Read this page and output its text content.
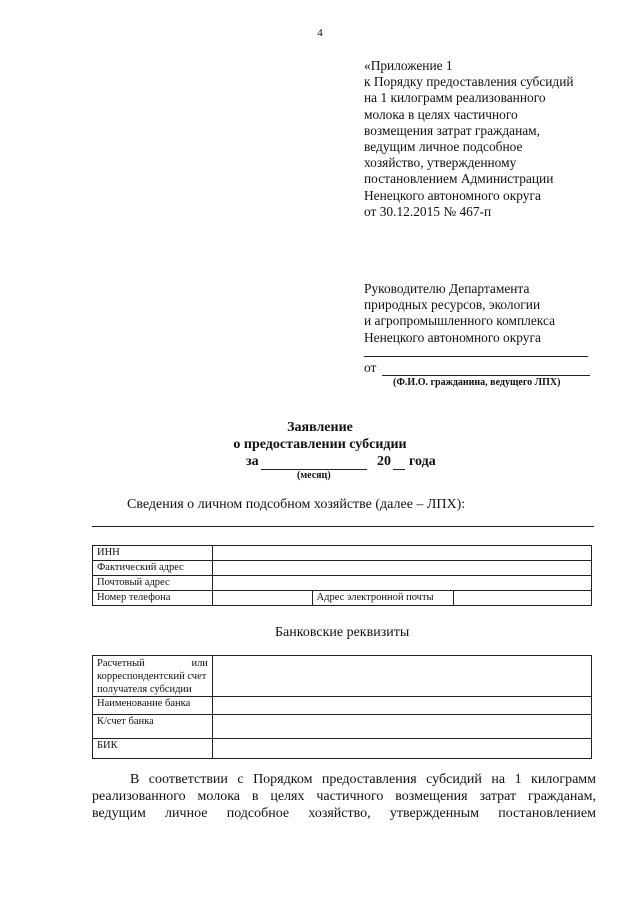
4
«Приложение 1
к Порядку предоставления субсидий
на 1 килограмм реализованного
молока в целях частичного
возмещения затрат гражданам,
ведущим личное подсобное
хозяйство, утвержденному
постановлением Администрации
Ненецкого автономного округа
от 30.12.2015 № 467-п
Руководителю Департамента
природных ресурсов, экологии
и агропромышленного комплекса
Ненецкого автономного округа
от
(Ф.И.О. гражданина, ведущего ЛПХ)
Заявление
о предоставлении субсидии
за	20 года
(месяц)
Сведения о личном подсобном хозяйстве (далее – ЛПХ):
ИНН			
Фактический адрес			
Почтовый адрес			
Номер телефона		Адрес электронной почты	
Банковские реквизиты
Расчетный или
корреспондентский счет
получателя субсидии	

Наименование банка	
К/счет банка	
БИК	

В соответствии с Порядком предоставления субсидий на 1 килограмм

реализованного молока в целях частичного возмещения затрат гражданам,

ведущим личное подсобное хозяйство, утвержденным постановлением
